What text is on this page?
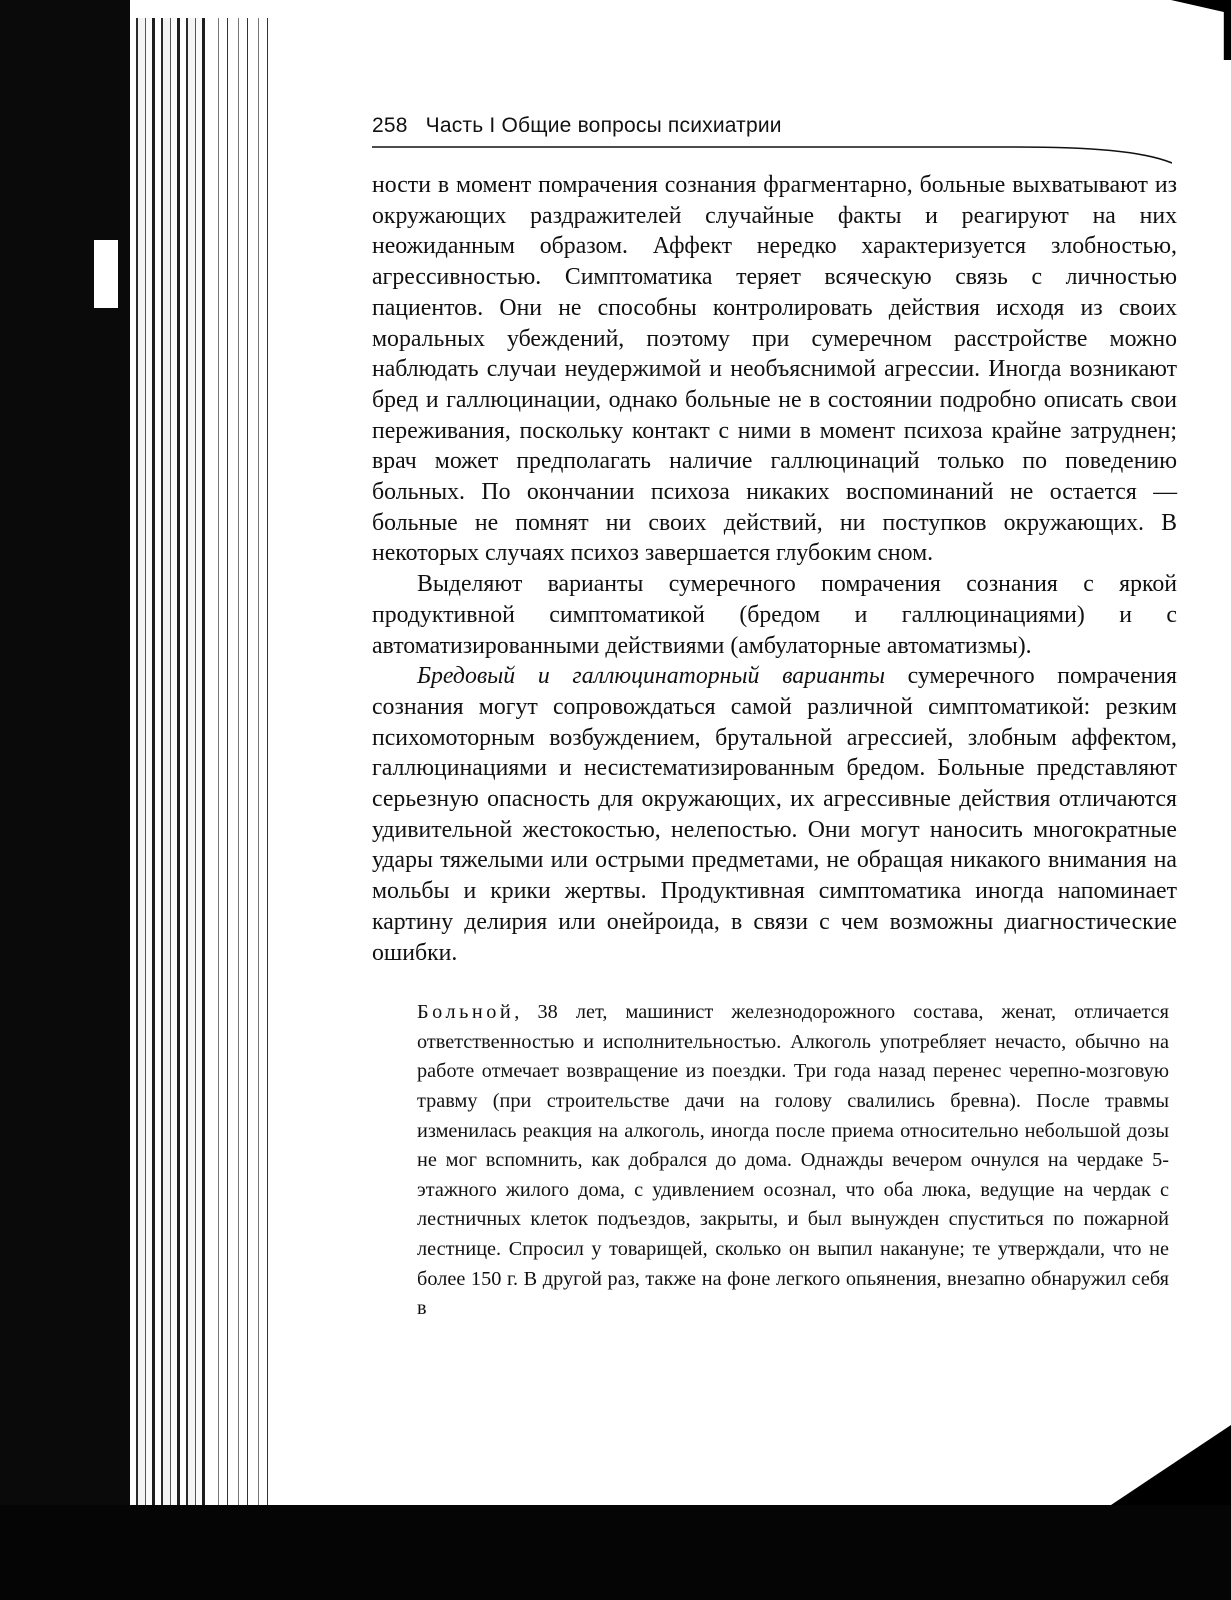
258 Часть I Общие вопросы психиатрии

ности в момент помрачения сознания фрагментарно, больные выхватывают из окружающих раздражителей случайные факты и реагируют на них неожиданным образом. Аффект нередко характеризуется злобностью, агрессивностью. Симптоматика теряет всяческую связь с личностью пациентов. Они не способны контролировать действия исходя из своих моральных убеждений, поэтому при сумеречном расстройстве можно наблюдать случаи неудержимой и необъяснимой агрессии. Иногда возникают бред и галлюцинации, однако больные не в состоянии подробно описать свои переживания, поскольку контакт с ними в момент психоза крайне затруднен; врач может предполагать наличие галлюцинаций только по поведению больных. По окончании психоза никаких воспоминаний не остается — больные не помнят ни своих действий, ни поступков окружающих. В некоторых случаях психоз завершается глубоким сном.

Выделяют варианты сумеречного помрачения сознания с яркой продуктивной симптоматикой (бредом и галлюцинациями) и с автоматизированными действиями (амбулаторные автоматизмы).

Бредовый и галлюцинаторный варианты сумеречного помрачения сознания могут сопровождаться самой различной симптоматикой: резким психомоторным возбуждением, брутальной агрессией, злобным аффектом, галлюцинациями и несистематизированным бредом. Больные представляют серьезную опасность для окружающих, их агрессивные действия отличаются удивительной жестокостью, нелепостью. Они могут наносить многократные удары тяжелыми или острыми предметами, не обращая никакого внимания на мольбы и крики жертвы. Продуктивная симптоматика иногда напоминает картину делирия или онейроида, в связи с чем возможны диагностические ошибки.

Больной, 38 лет, машинист железнодорожного состава, женат, отличается ответственностью и исполнительностью. Алкоголь употребляет нечасто, обычно на работе отмечает возвращение из поездки. Три года назад перенес черепно-мозговую травму (при строительстве дачи на голову свалились бревна). После травмы изменилась реакция на алкоголь, иногда после приема относительно небольшой дозы не мог вспомнить, как добрался до дома. Однажды вечером очнулся на чердаке 5-этажного жилого дома, с удивлением осознал, что оба люка, ведущие на чердак с лестничных клеток подъездов, закрыты, и был вынужден спуститься по пожарной лестнице. Спросил у товарищей, сколько он выпил накануне; те утверждали, что не более 150 г. В другой раз, также на фоне легкого опьянения, внезапно обнаружил себя в
